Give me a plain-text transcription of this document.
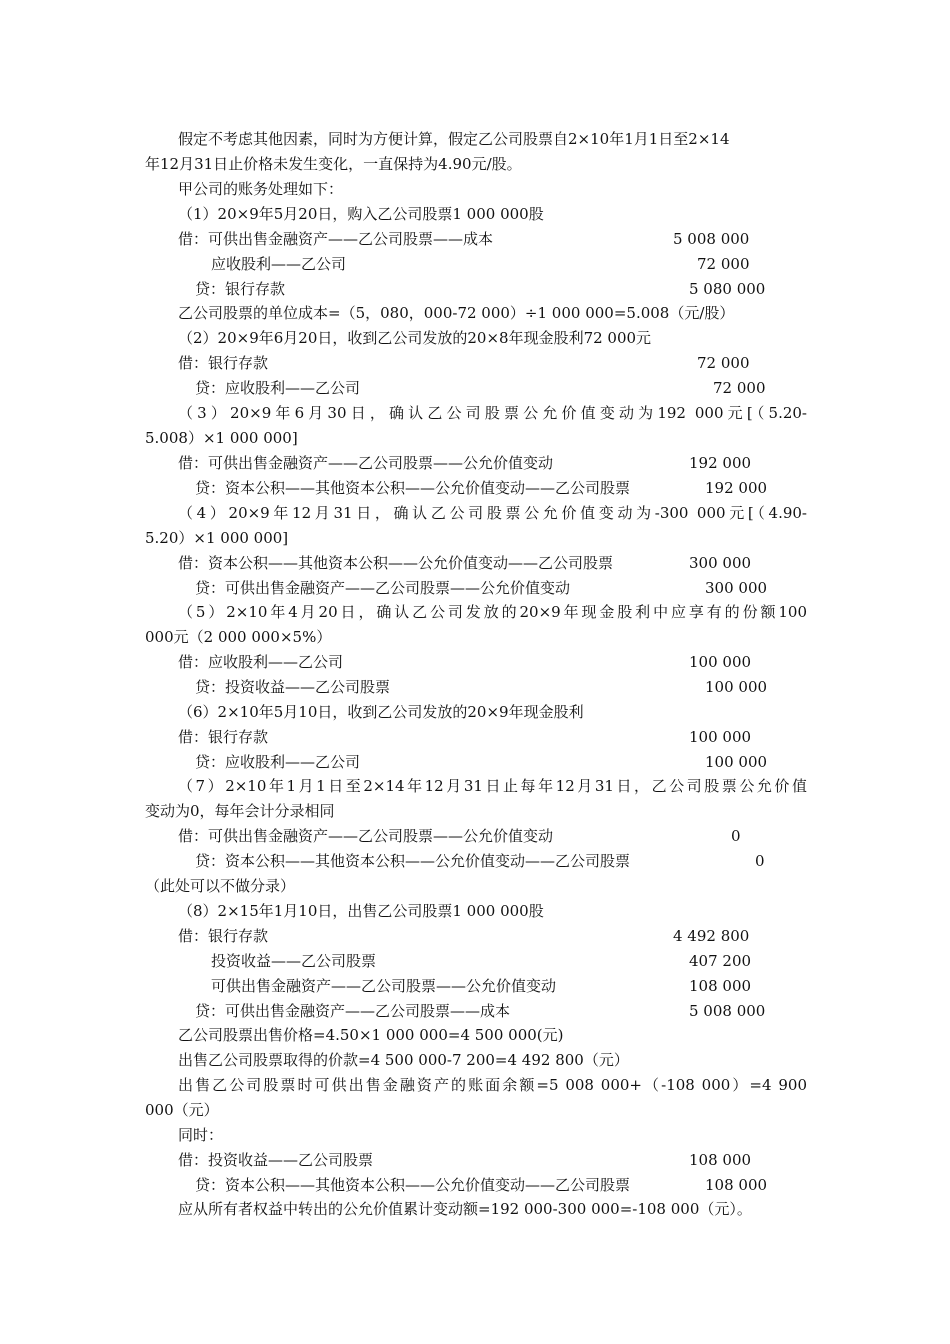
假定不考虑其他因素，同时为方便计算，假定乙公司股票自2×10年1月1日至2×14
年12月31日止价格未发生变化，一直保持为4.90元/股。
甲公司的账务处理如下：
（1）20×9年5月20日，购入乙公司股票1 000 000股
借：可供出售金融资产——乙公司股票——成本	5 008 000
应收股利——乙公司	72 000
贷：银行存款	5 080 000
乙公司股票的单位成本=（5，080，000-72 000）÷1 000 000=5.008（元/股）
（2）20×9年6月20日，收到乙公司发放的20×8年现金股利72 000元
借：银行存款	72 000
贷：应收股利——乙公司	72 000
（3）20×9年6月30日，确认乙公司股票公允价值变动为192 000元[（5.20-
5.008）×1 000 000]
借：可供出售金融资产——乙公司股票——公允价值变动	192 000
贷：资本公积——其他资本公积——公允价值变动——乙公司股票	192 000
（4）20×9年12月31日，确认乙公司股票公允价值变动为-300 000元[（4.90-
5.20）×1 000 000]
借：资本公积——其他资本公积——公允价值变动——乙公司股票	300 000
贷：可供出售金融资产——乙公司股票——公允价值变动	300 000
（5）2×10年4月20日，确认乙公司发放的20×9年现金股利中应享有的份额100
000元（2 000 000×5%）
借：应收股利——乙公司	100 000
贷：投资收益——乙公司股票	100 000
（6）2×10年5月10日，收到乙公司发放的20×9年现金股利
借：银行存款	100 000
贷：应收股利——乙公司	100 000
（7）2×10年1月1日至2×14年12月31日止每年12月31日，乙公司股票公允价值
变动为0，每年会计分录相同
借：可供出售金融资产——乙公司股票——公允价值变动	0
贷：资本公积——其他资本公积——公允价值变动——乙公司股票	0
（此处可以不做分录）
（8）2×15年1月10日，出售乙公司股票1 000 000股
借：银行存款	4 492 800
投资收益——乙公司股票	407 200
可供出售金融资产——乙公司股票——公允价值变动	108 000
贷：可供出售金融资产——乙公司股票——成本	5 008 000
乙公司股票出售价格=4.50×1 000 000=4 500 000(元)
出售乙公司股票取得的价款=4 500 000-7 200=4 492 800（元）
出售乙公司股票时可供出售金融资产的账面余额=5 008 000+（-108 000）=4 900
000（元）
同时：
借：投资收益——乙公司股票	108 000
贷：资本公积——其他资本公积——公允价值变动——乙公司股票	108 000
应从所有者权益中转出的公允价值累计变动额=192 000-300 000=-108 000（元）。
